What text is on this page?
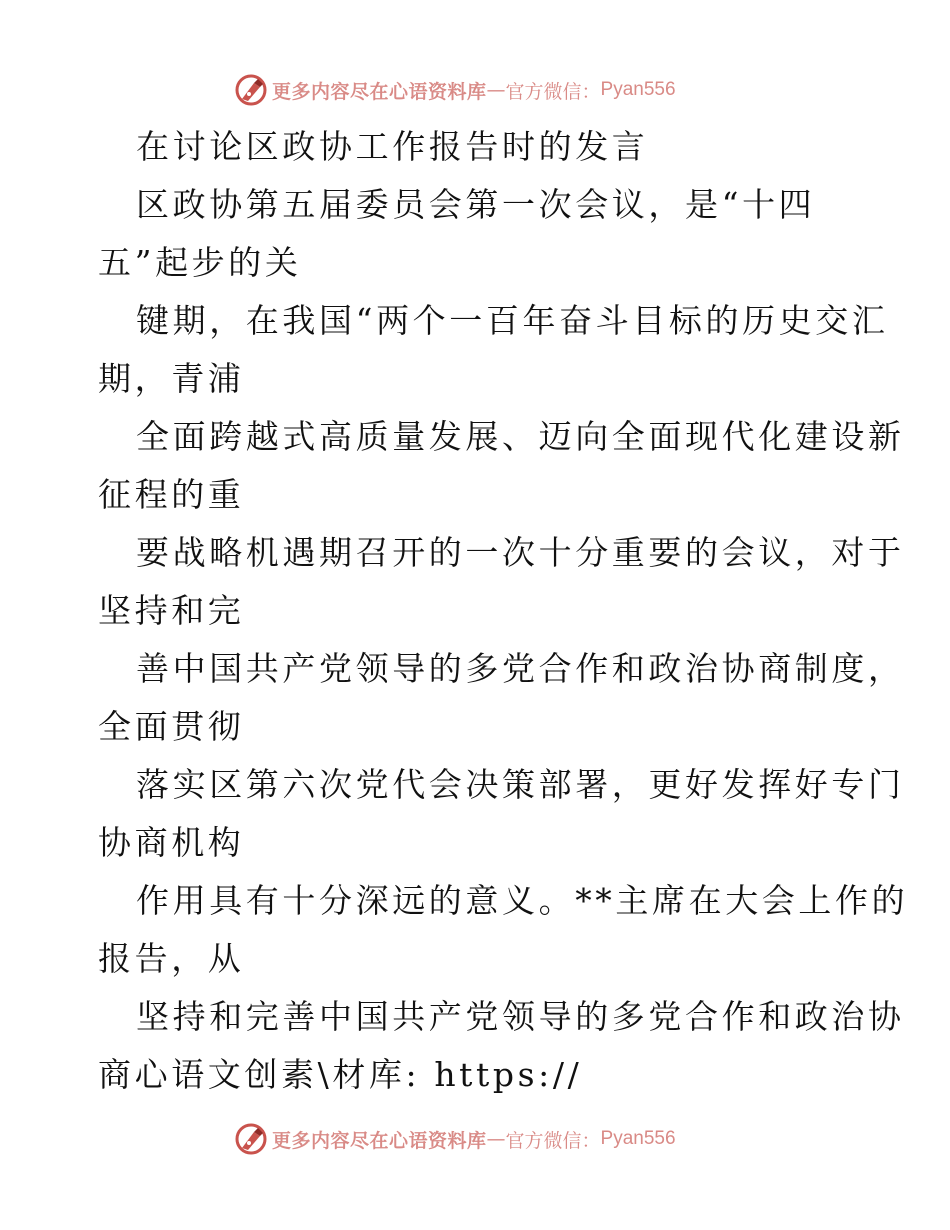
更多内容尽在心语资料库 — 官方微信： Pyan556
在讨论区政协工作报告时的发言
区政协第五届委员会第一次会议，是“十四
五”起步的关
键期，在我国“两个一百年奋斗目标的历史交汇
期，青浦
全面跨越式高质量发展、迈向全面现代化建设新
征程的重
要战略机遇期召开的一次十分重要的会议，对于
坚持和完
善中国共产党领导的多党合作和政治协商制度，
全面贯彻
落实区第六次党代会决策部署，更好发挥好专门
协商机构
作用具有十分深远的意义。**主席在大会上作的
报告，从
坚持和完善中国共产党领导的多党合作和政治协
商心语文创素\材库: https://
更多内容尽在心语资料库 — 官方微信： Pyan556
